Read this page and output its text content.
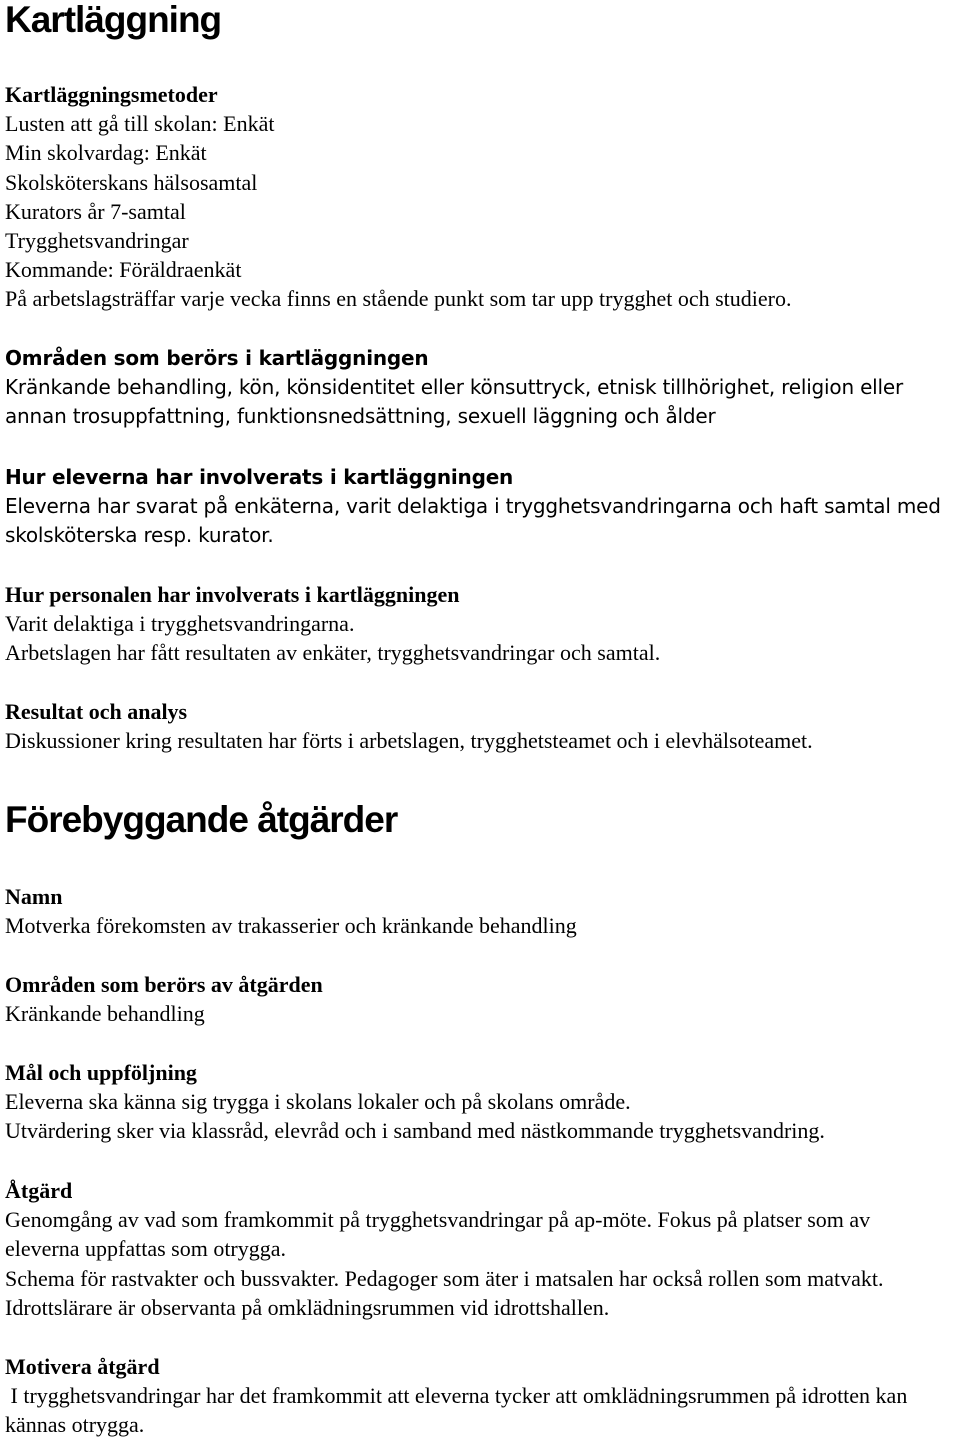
Kartläggning
Kartläggningsmetoder
Lusten att gå till skolan: Enkät
Min skolvardag: Enkät
Skolsköterskans hälsosamtal
Kurators år 7-samtal
Trygghetsvandringar
Kommande: Föräldraenkät
På arbetslagsträffar varje vecka finns en stående punkt som tar upp trygghet och studiero.
Områden som berörs i kartläggningen
Kränkande behandling, kön, könsidentitet eller könsuttryck, etnisk tillhörighet, religion eller annan trosuppfattning, funktionsnedsättning, sexuell läggning och ålder
Hur eleverna har involverats i kartläggningen
Eleverna har svarat på enkäterna, varit delaktiga i trygghetsvandringarna och haft samtal med skolsköterska resp. kurator.
Hur personalen har involverats i kartläggningen
Varit delaktiga i trygghetsvandringarna.
Arbetslagen har fått resultaten av enkäter, trygghetsvandringar och samtal.
Resultat och analys
Diskussioner kring resultaten har förts i arbetslagen, trygghetsteamet och i elevhälsoteamet.
Förebyggande åtgärder
Namn
Motverka förekomsten av trakasserier och kränkande behandling
Områden som berörs av åtgärden
Kränkande behandling
Mål och uppföljning
Eleverna ska känna sig trygga i skolans lokaler och på skolans område.
Utvärdering sker via klassråd, elevråd och i samband med nästkommande trygghetsvandring.
Åtgärd
Genomgång av vad som framkommit på trygghetsvandringar på ap-möte. Fokus på platser som av eleverna uppfattas som otrygga.
Schema för rastvakter och bussvakter. Pedagoger som äter i matsalen har också rollen som matvakt. Idrottslärare är observanta på omklädningsrummen vid idrottshallen.
Motivera åtgärd
I trygghetsvandringar har det framkommit att eleverna tycker att omklädningsrummen på idrotten kan kännas otrygga.
